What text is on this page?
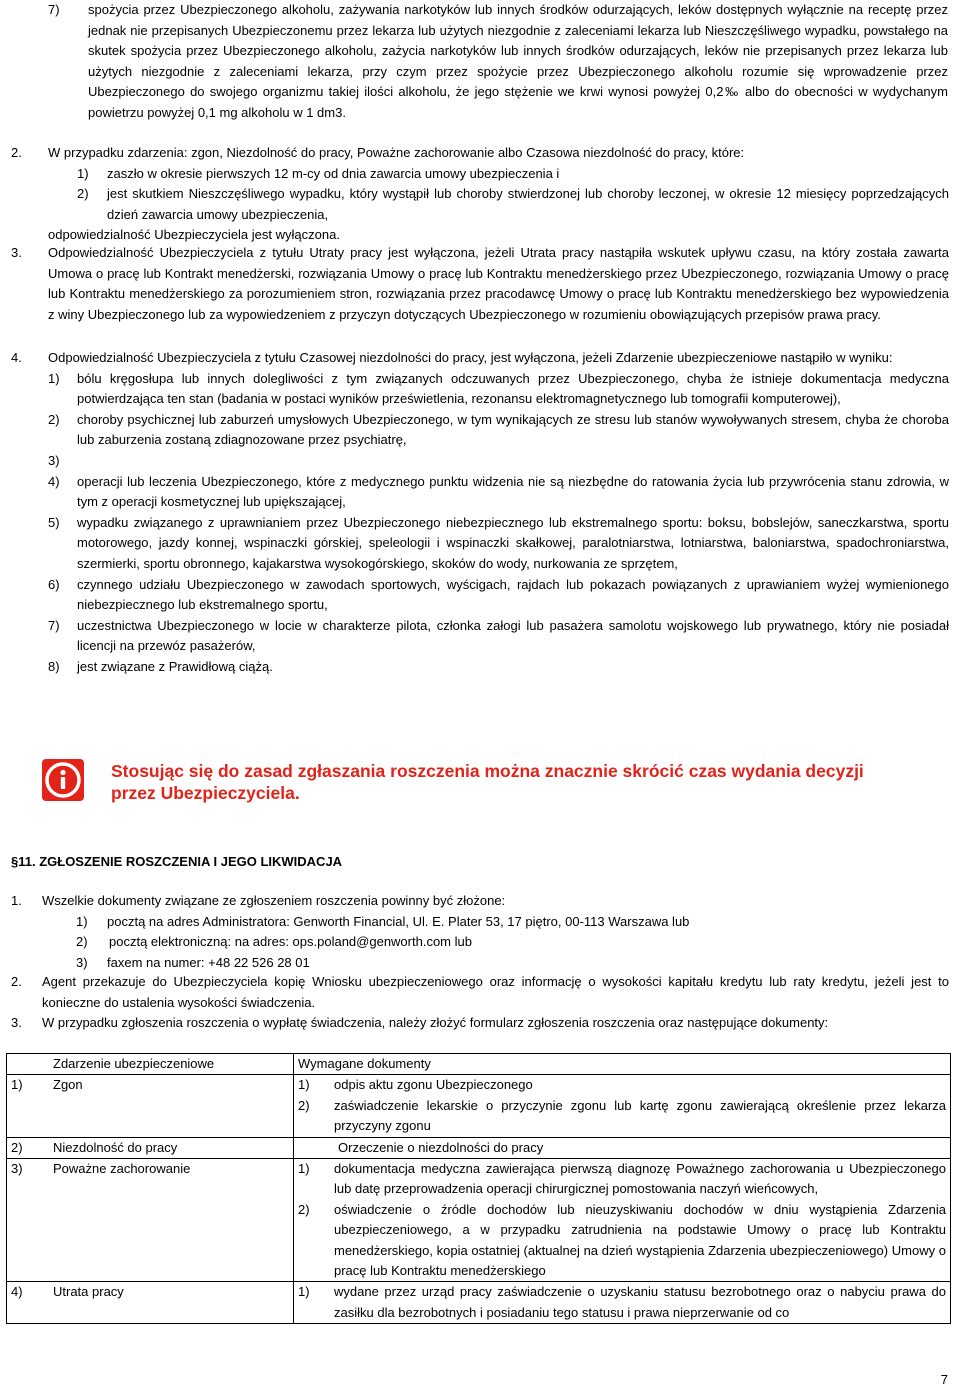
7) spożycia przez Ubezpieczonego alkoholu, zażywania narkotyków lub innych środków odurzających, leków dostępnych wyłącznie na receptę przez jednak nie przepisanych Ubezpieczonemu przez lekarza lub użytych niezgodnie z zaleceniami lekarza lub Nieszczęśliwego wypadku, powstałego na skutek spożycia przez Ubezpieczonego alkoholu, zażycia narkotyków lub innych środków odurzających, leków nie przepisanych przez lekarza lub użytych niezgodnie z zaleceniami lekarza, przy czym przez spożycie przez Ubezpieczonego alkoholu rozumie się wprowadzenie przez Ubezpieczonego do swojego organizmu takiej ilości alkoholu, że jego stężenie we krwi wynosi powyżej 0,2‰ albo do obecności w wydychanym powietrzu powyżej 0,1 mg alkoholu w 1 dm3.
2. W przypadku zdarzenia: zgon, Niezdolność do pracy, Poważne zachorowanie albo Czasowa niezdolność do pracy, które:
1) zaszło w okresie pierwszych 12 m-cy od dnia zawarcia umowy ubezpieczenia i
2) jest skutkiem Nieszczęśliwego wypadku, który wystąpił lub choroby stwierdzonej lub choroby leczonej, w okresie 12 miesięcy poprzedzających dzień zawarcia umowy ubezpieczenia,
odpowiedzialność Ubezpieczyciela jest wyłączona.
3. Odpowiedzialność Ubezpieczyciela z tytułu Utraty pracy jest wyłączona, jeżeli Utrata pracy nastąpiła wskutek upływu czasu, na który została zawarta Umowa o pracę lub Kontrakt menedżerski, rozwiązania Umowy o pracę lub Kontraktu menedżerskiego przez Ubezpieczonego, rozwiązania Umowy o pracę lub Kontraktu menedżerskiego za porozumieniem stron, rozwiązania przez pracodawcę Umowy o pracę lub Kontraktu menedżerskiego bez wypowiedzenia z winy Ubezpieczonego lub za wypowiedzeniem z przyczyn dotyczących Ubezpieczonego w rozumieniu obowiązujących przepisów prawa pracy.
4. Odpowiedzialność Ubezpieczyciela z tytułu Czasowej niezdolności do pracy, jest wyłączona, jeżeli Zdarzenie ubezpieczeniowe nastąpiło w wyniku:
1) bólu kręgosłupa lub innych dolegliwości z tym związanych odczuwanych przez Ubezpieczonego, chyba że istnieje dokumentacja medyczna potwierdzająca ten stan (badania w postaci wyników prześwietlenia, rezonansu elektromagnetycznego lub tomografii komputerowej),
2) choroby psychicznej lub zaburzeń umysłowych Ubezpieczonego, w tym wynikających ze stresu lub stanów wywoływanych stresem, chyba że choroba lub zaburzenia zostaną zdiagnozowane przez psychiatrę,
3)
4) operacji lub leczenia Ubezpieczonego, które z medycznego punktu widzenia nie są niezbędne do ratowania życia lub przywrócenia stanu zdrowia, w tym z operacji kosmetycznej lub upiększającej,
5) wypadku związanego z uprawnianiem przez Ubezpieczonego niebezpiecznego lub ekstremalnego sportu: boksu, bobslejów, saneczkarstwa, sportu motorowego, jazdy konnej, wspinaczki górskiej, speleologii i wspinaczki skałkowej, paralotniarstwa, lotniarstwa, baloniarstwa, spadochroniarstwa, szermierki, sportu obronnego, kajakarstwa wysokogórskiego, skoków do wody, nurkowania ze sprzętem,
6) czynnego udziału Ubezpieczonego w zawodach sportowych, wyścigach, rajdach lub pokazach powiązanych z uprawianiem wyżej wymienionego niebezpiecznego lub ekstremalnego sportu,
7) uczestnictwa Ubezpieczonego w locie w charakterze pilota, członka załogi lub pasażera samolotu wojskowego lub prywatnego, który nie posiadał licencji na przewóz pasażerów,
8) jest związane z Prawidłową ciążą.
Stosując się do zasad zgłaszania roszczenia można znacznie skrócić czas wydania decyzji przez Ubezpieczyciela.
§11. ZGŁOSZENIE ROSZCZENIA I JEGO LIKWIDACJA
1. Wszelkie dokumenty związane ze zgłoszeniem roszczenia powinny być złożone:
1) pocztą na adres Administratora: Genworth Financial, Ul. E. Plater 53, 17 piętro, 00-113 Warszawa lub
2) pocztą elektroniczną: na adres: ops.poland@genworth.com lub
3) faxem na numer: +48 22 526 28 01
2. Agent przekazuje do Ubezpieczyciela kopię Wniosku ubezpieczeniowego oraz informację o wysokości kapitału kredytu lub raty kredytu, jeżeli jest to konieczne do ustalenia wysokości świadczenia.
3. W przypadku zgłoszenia roszczenia o wypłatę świadczenia, należy złożyć formularz zgłoszenia roszczenia oraz następujące dokumenty:
Zdarzenie ubezpieczeniowe	Wymagane dokumenty
1) Zgon	1) odpis aktu zgonu Ubezpieczonego
2) zaświadczenie lekarskie o przyczynie zgonu lub kartę zgonu zawierającą określenie przez lekarza przyczyny zgonu

2) Niezdolność do pracy	Orzeczenie o niezdolności do pracy

3) Poważne zachorowanie	1) dokumentacja medyczna zawierająca pierwszą diagnozę Poważnego zachorowania u Ubezpieczonego lub datę przeprowadzenia operacji chirurgicznej pomostowania naczyń wieńcowych,
2) oświadczenie o źródle dochodów lub nieuzyskiwaniu dochodów w dniu wystąpienia Zdarzenia ubezpieczeniowego, a w przypadku zatrudnienia na podstawie Umowy o pracę lub Kontraktu menedżerskiego, kopia ostatniej (aktualnej na dzień wystąpienia Zdarzenia ubezpieczeniowego) Umowy o pracę lub Kontraktu menedżerskiego

4) Utrata pracy	1) wydane przez urząd pracy zaświadczenie o uzyskaniu statusu bezrobotnego oraz o nabyciu prawa do zasiłku dla bezrobotnych i posiadaniu tego statusu i prawa nieprzerwanie od co
7
